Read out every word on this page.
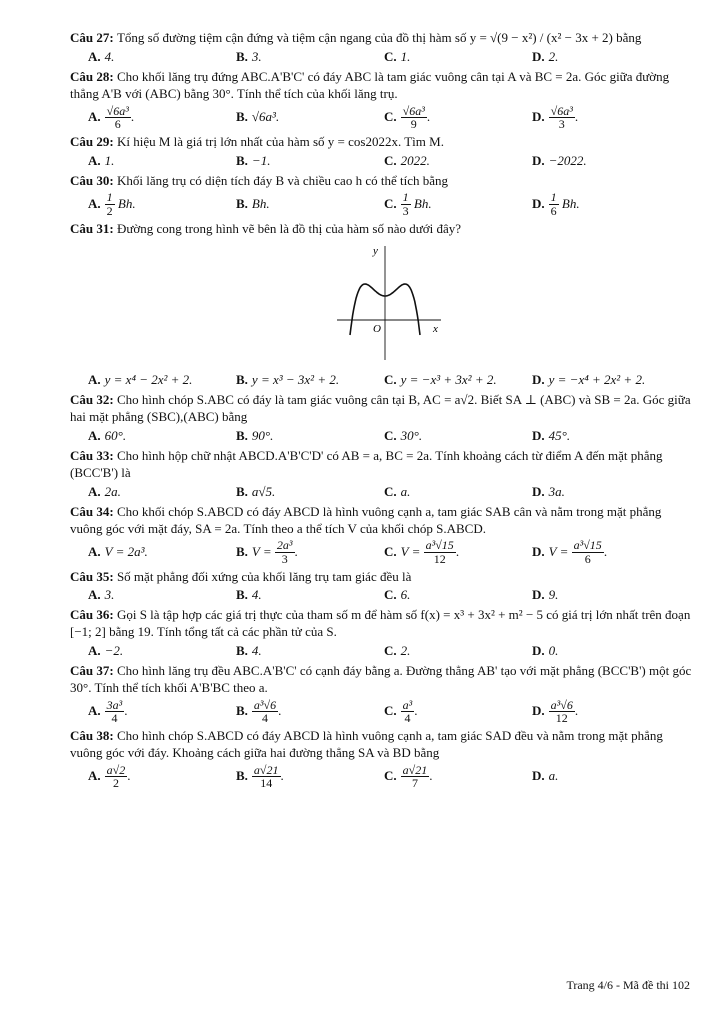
Câu 27: Tổng số đường tiệm cận đứng và tiệm cận ngang của đồ thị hàm số y = √(9 − x²) / (x² − 3x + 2) bằng
A. 4.	B. 3.	C. 1.	D. 2.
Câu 28: Cho khối lăng trụ đứng ABC.A'B'C' có đáy ABC là tam giác vuông cân tại A và BC = 2a. Góc giữa đường thẳng A'B với (ABC) bằng 30°. Tính thể tích của khối lăng trụ.
A. $\frac{\text{√6a³}}{6}$ .	B. √6a³.	C. $\frac{\text{√6a³}}{9}$ .	D. $\frac{\text{√6a³}}{3}$ .
Câu 29: Kí hiệu M là giá trị lớn nhất của hàm số y = cos2022x. Tìm M.
A. 1.	B. −1.	C. 2022.	D. −2022.
Câu 30: Khối lăng trụ có diện tích đáy B và chiều cao h có thể tích bằng
A. $\frac{1}{2} Bh$.	B. Bh.	C. $\frac{1}{3} Bh$.	D. $\frac{1}{6} Bh$.
Câu 31: Đường cong trong hình vẽ bên là đồ thị của hàm số nào dưới đây?
y
O	x
A. y = x⁴ − 2x² + 2.	B. y = x³ − 3x² + 2.	C. y = −x³ + 3x² + 2.	D. y = −x⁴ + 2x² + 2.
Câu 32: Cho hình chóp S.ABC có đáy là tam giác vuông cân tại B, AC = a√2. Biết SA ⊥ (ABC) và SB = 2a. Góc giữa hai mặt phẳng (SBC),(ABC) bằng
A. 60°.	B. 90°.	C. 30°.	D. 45°.
Câu 33: Cho hình hộp chữ nhật ABCD.A'B'C'D' có AB = a, BC = 2a. Tính khoảng cách từ điểm A đến mặt phẳng (BCC'B') là
A. 2a.	B. a√5.	C. a.	D. 3a.
Câu 34: Cho khối chóp S.ABCD có đáy ABCD là hình vuông cạnh a, tam giác SAB cân và nằm trong mặt phẳng vuông góc với mặt đáy, SA = 2a. Tính theo a thể tích V của khối chóp S.ABCD.
A. V = 2a³.	B. $V = \frac{\text{2a³}}{3}$ .	C. $V = \frac{\text{a³√15}}{12}$ .	D. $V = \frac{\text{a³√15}}{6}$ .
Câu 35: Số mặt phẳng đối xứng của khối lăng trụ tam giác đều là
A. 3.	B. 4.	C. 6.	D. 9.
Câu 36: Gọi S là tập hợp các giá trị thực của tham số m để hàm số f(x) = x³ + 3x² + m² − 5 có giá trị lớn nhất trên đoạn [−1; 2] bằng 19. Tính tổng tất cả các phần tử của S.
A. −2.	B. 4.	C. 2.	D. 0.
Câu 37: Cho hình lăng trụ đều ABC.A'B'C' có cạnh đáy bằng a. Đường thẳng AB' tạo với mặt phẳng (BCC'B') một góc 30°. Tính thể tích khối A'B'BC theo a.
A. $\frac{\text{3a³}}{4}$ .	B. $\frac{\text{a³√6}}{4}$ .	C. $\frac{\text{a³}}{4}$ .	D. $\frac{\text{a³√6}}{12}$ .
Câu 38: Cho hình chóp S.ABCD có đáy ABCD là hình vuông cạnh a, tam giác SAD đều và nằm trong mặt phẳng vuông góc với đáy. Khoảng cách giữa hai đường thẳng SA và BD bằng
A. $\frac{a√2}{2}$ .	B. $\frac{a√21}{14}$ .	C. $\frac{a√21}{7}$ .	D. a.
Trang 4/6 - Mã đề thi 102
